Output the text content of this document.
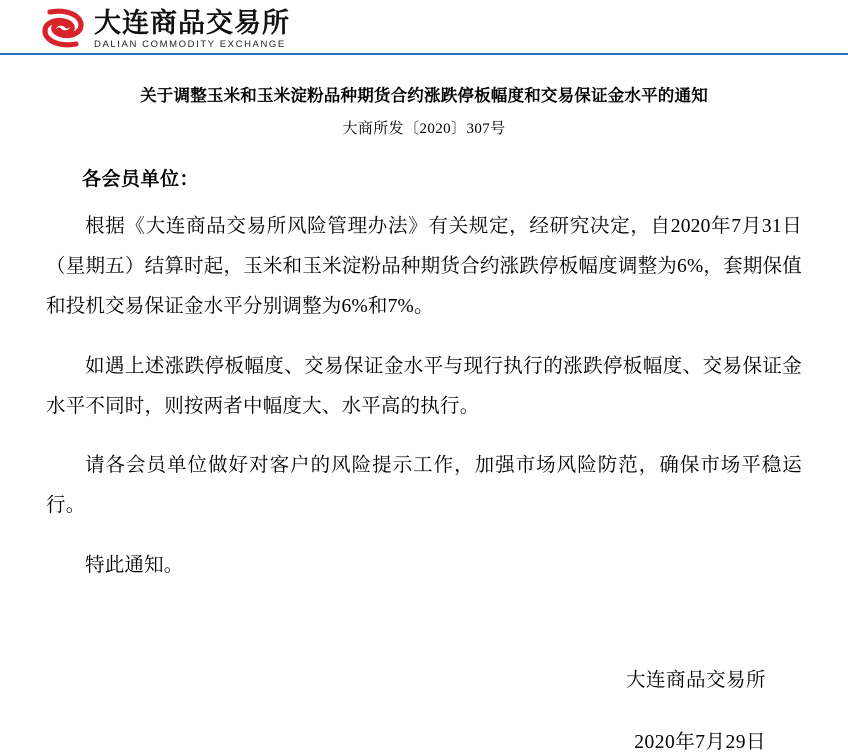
大连商品交易所
DALIAN COMMODITY EXCHANGE
关于调整玉米和玉米淀粉品种期货合约涨跌停板幅度和交易保证金水平的通知
大商所发〔2020〕307号
各会员单位：

根据《大连商品交易所风险管理办法》有关规定，经研究决定，自2020年7月31日（星期五）结算时起，玉米和玉米淀粉品种期货合约涨跌停板幅度调整为6%，套期保值和投机交易保证金水平分别调整为6%和7%。

如遇上述涨跌停板幅度、交易保证金水平与现行执行的涨跌停板幅度、交易保证金水平不同时，则按两者中幅度大、水平高的执行。

请各会员单位做好对客户的风险提示工作，加强市场风险防范，确保市场平稳运行。

特此通知。

大连商品交易所
2020年7月29日
